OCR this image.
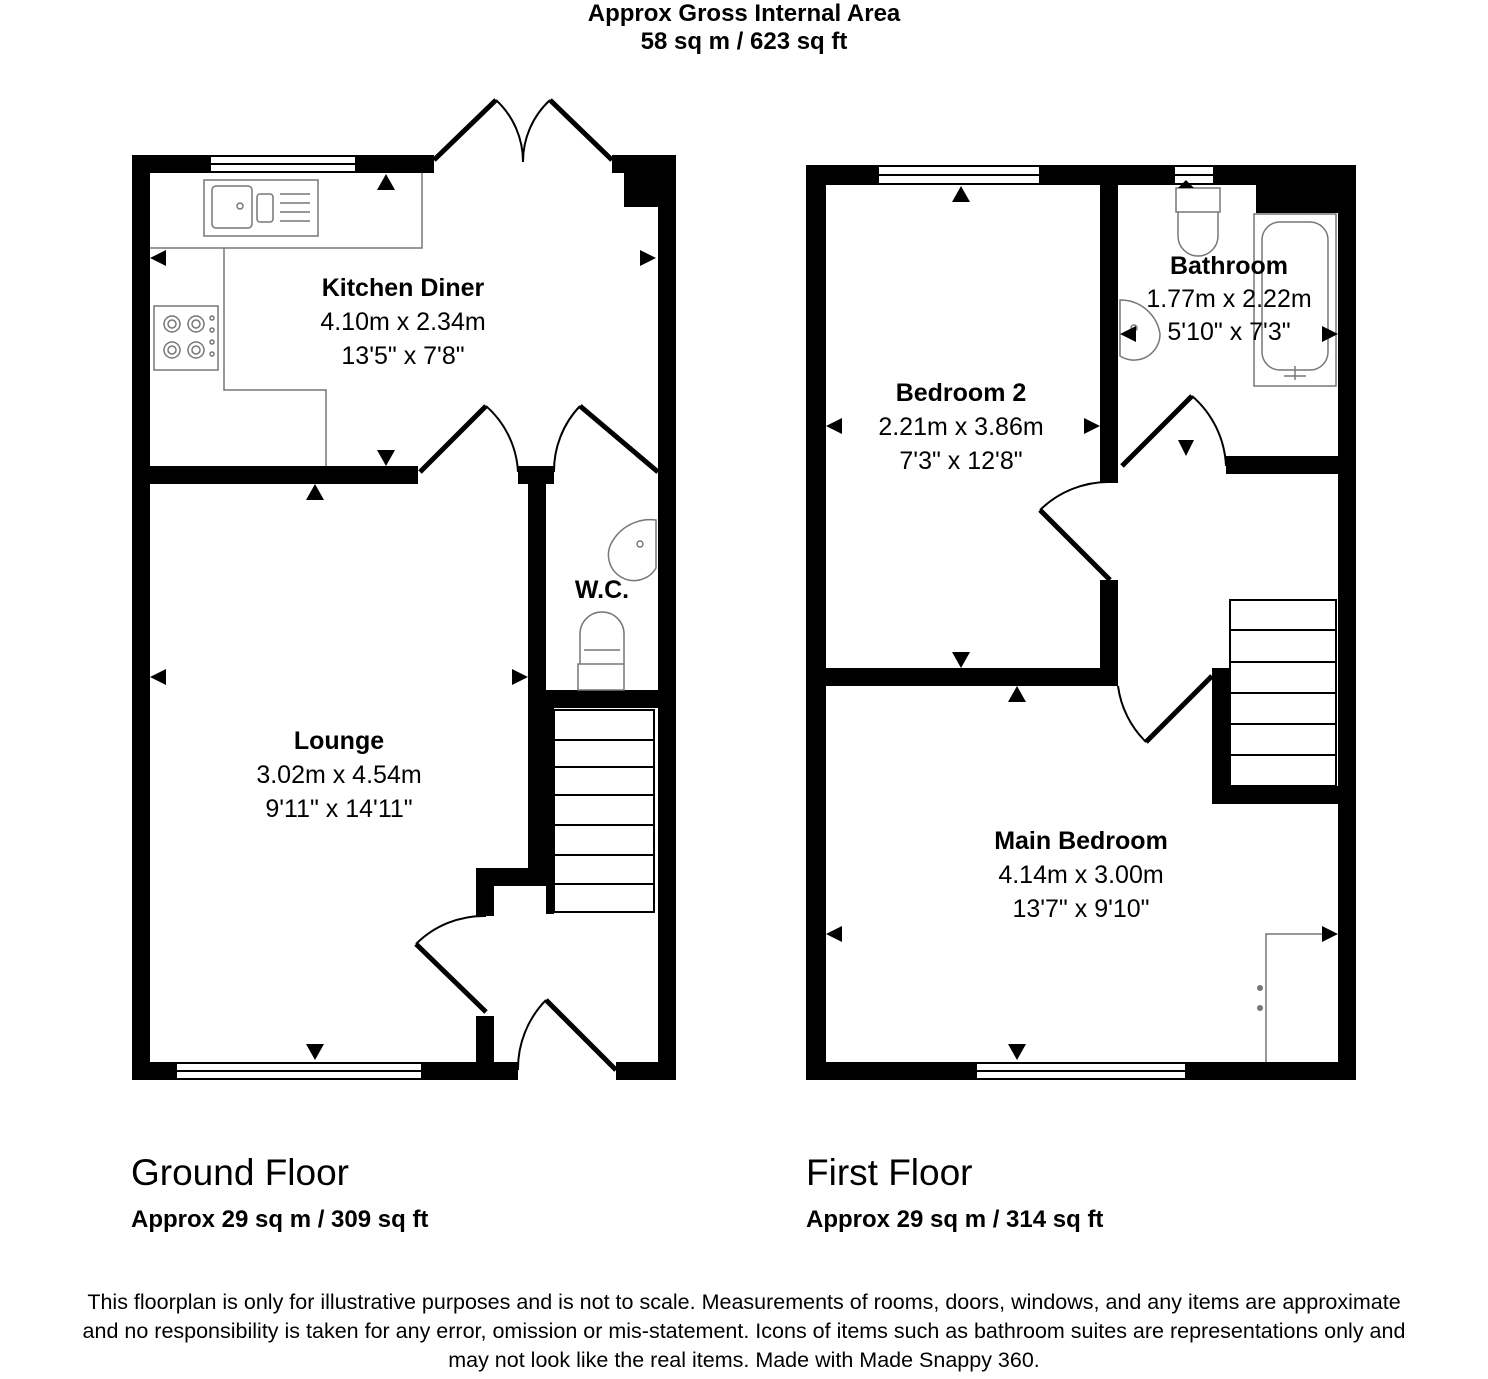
Approx Gross Internal Area
58 sq m / 623 sq ft
Kitchen Diner
4.10m x 2.34m
13'5" x 7'8"
W.C.
Lounge
3.02m x 4.54m
9'11" x 14'11"
Bedroom 2
2.21m x 3.86m
7'3" x 12'8"
Bathroom
1.77m x 2.22m
5'10" x 7'3"
Main Bedroom
4.14m x 3.00m
13'7" x 9'10"
Ground Floor
Approx 29 sq m / 309 sq ft
First Floor
Approx 29 sq m / 314 sq ft
This floorplan is only for illustrative purposes and is not to scale. Measurements of rooms, doors, windows, and any items are approximate
and no responsibility is taken for any error, omission or mis-statement. Icons of items such as bathroom suites are representations only and
may not look like the real items. Made with Made Snappy 360.
